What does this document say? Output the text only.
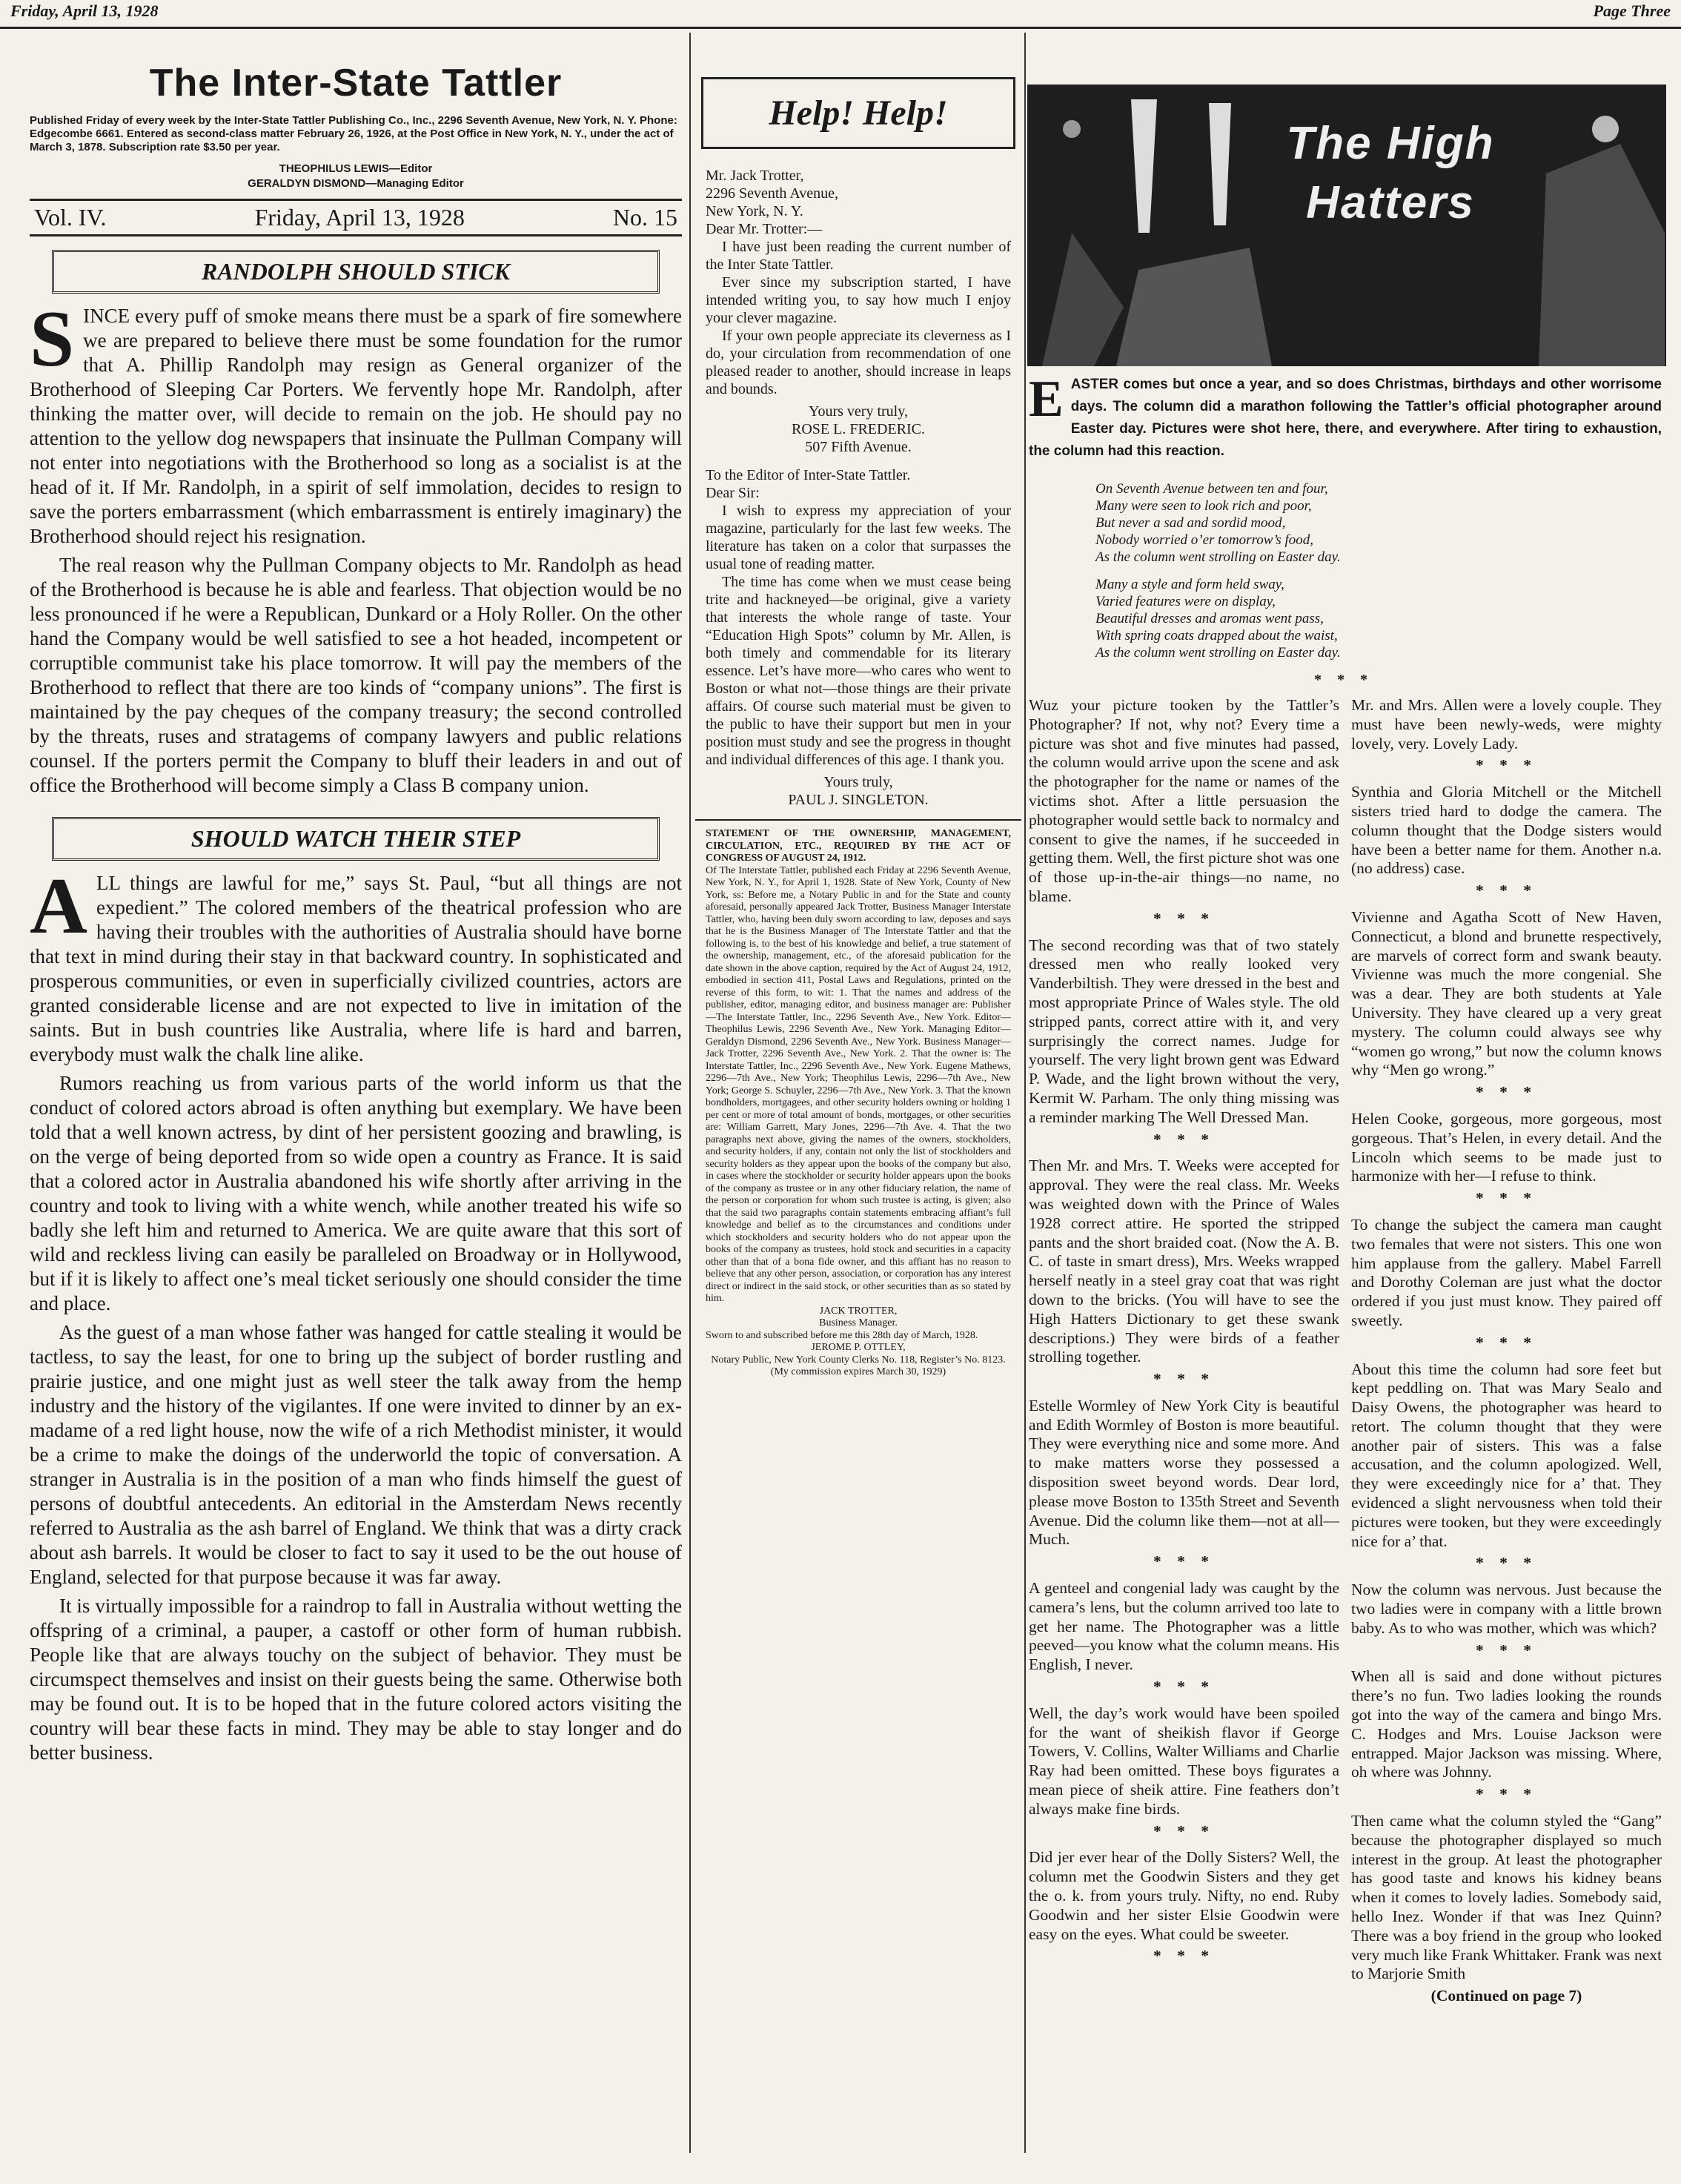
Friday, April 13, 1928	Page Three
The Inter-State Tattler
Published Friday of every week by the Inter-State Tattler Publishing Co., Inc., 2296 Seventh Avenue, New York, N. Y. Phone: Edgecombe 6661. Entered as second-class matter February 26, 1926, at the Post Office in New York, N. Y., under the act of March 3, 1878. Subscription rate $3.50 per year.
THEOPHILUS LEWIS—Editor
GERALDYN DISMOND—Managing Editor
Vol. IV.	Friday, April 13, 1928	No. 15
RANDOLPH SHOULD STICK

SINCE every puff of smoke means there must be a spark of fire somewhere we are prepared to believe there must be some foundation for the rumor that A. Phillip Randolph may resign as General organizer of the Brotherhood of Sleeping Car Porters. We fervently hope Mr. Randolph, after thinking the matter over, will decide to remain on the job. He should pay no attention to the yellow dog newspapers that insinuate the Pullman Company will not enter into negotiations with the Brotherhood so long as a socialist is at the head of it. If Mr. Randolph, in a spirit of self immolation, decides to resign to save the porters embarrassment (which embarrassment is entirely imaginary) the Brotherhood should reject his resignation.

The real reason why the Pullman Company objects to Mr. Randolph as head of the Brotherhood is because he is able and fearless. That objection would be no less pronounced if he were a Republican, Dunkard or a Holy Roller. On the other hand the Company would be well satisfied to see a hot headed, incompetent or corruptible communist take his place tomorrow. It will pay the members of the Brotherhood to reflect that there are too kinds of “company unions”. The first is maintained by the pay cheques of the company treasury; the second controlled by the threats, ruses and stratagems of company lawyers and public relations counsel. If the porters permit the Company to bluff their leaders in and out of office the Brotherhood will become simply a Class B company union.

SHOULD WATCH THEIR STEP

ALL things are lawful for me,” says St. Paul, “but all things are not expedient.” The colored members of the theatrical profession who are having their troubles with the authorities of Australia should have borne that text in mind during their stay in that backward country. In sophisticated and prosperous communities, or even in superficially civilized countries, actors are granted considerable license and are not expected to live in imitation of the saints. But in bush countries like Australia, where life is hard and barren, everybody must walk the chalk line alike.

Rumors reaching us from various parts of the world inform us that the conduct of colored actors abroad is often anything but exemplary. We have been told that a well known actress, by dint of her persistent goozing and brawling, is on the verge of being deported from so wide open a country as France. It is said that a colored actor in Australia abandoned his wife shortly after arriving in the country and took to living with a white wench, while another treated his wife so badly she left him and returned to America. We are quite aware that this sort of wild and reckless living can easily be paralleled on Broadway or in Hollywood, but if it is likely to affect one’s meal ticket seriously one should consider the time and place.

As the guest of a man whose father was hanged for cattle stealing it would be tactless, to say the least, for one to bring up the subject of border rustling and prairie justice, and one might just as well steer the talk away from the hemp industry and the history of the vigilantes. If one were invited to dinner by an ex-madame of a red light house, now the wife of a rich Methodist minister, it would be a crime to make the doings of the underworld the topic of conversation. A stranger in Australia is in the position of a man who finds himself the guest of persons of doubtful antecedents. An editorial in the Amsterdam News recently referred to Australia as the ash barrel of England. We think that was a dirty crack about ash barrels. It would be closer to fact to say it used to be the out house of England, selected for that purpose because it was far away.

It is virtually impossible for a raindrop to fall in Australia without wetting the offspring of a criminal, a pauper, a castoff or other form of human rubbish. People like that are always touchy on the subject of behavior. They must be circumspect themselves and insist on their guests being the same. Otherwise both may be found out. It is to be hoped that in the future colored actors visiting the country will bear these facts in mind. They may be able to stay longer and do better business.

Help! Help!

Mr. Jack Trotter,

2296 Seventh Avenue,

New York, N. Y.

Dear Mr. Trotter:—

I have just been reading the current number of the Inter State Tattler.

Ever since my subscription started, I have intended writing you, to say how much I enjoy your clever magazine.

If your own people appreciate its cleverness as I do, your circulation from recommendation of one pleased reader to another, should increase in leaps and bounds.

Yours very truly,
ROSE L. FREDERIC.
507 Fifth Avenue.

To the Editor of Inter-State Tattler.

Dear Sir:

I wish to express my appreciation of your magazine, particularly for the last few weeks. The literature has taken on a color that surpasses the usual tone of reading matter.

The time has come when we must cease being trite and hackneyed—be original, give a variety that interests the whole range of taste. Your “Education High Spots” column by Mr. Allen, is both timely and commendable for its literary essence. Let’s have more—who cares who went to Boston or what not—those things are their private affairs. Of course such material must be given to the public to have their support but men in your position must study and see the progress in thought and individual differences of this age. I thank you.

Yours truly,
PAUL J. SINGLETON.

STATEMENT OF THE OWNERSHIP, MANAGEMENT, CIRCULATION, ETC., REQUIRED BY THE ACT OF CONGRESS OF AUGUST 24, 1912.

Of The Interstate Tattler, published each Friday at 2296 Seventh Avenue, New York, N. Y., for April 1, 1928. State of New York, County of New York, ss: Before me, a Notary Public in and for the State and county aforesaid, personally appeared Jack Trotter, Business Manager Interstate Tattler, who, having been duly sworn according to law, deposes and says that he is the Business Manager of The Interstate Tattler and that the following is, to the best of his knowledge and belief, a true statement of the ownership, management, etc., of the aforesaid publication for the date shown in the above caption, required by the Act of August 24, 1912, embodied in section 411, Postal Laws and Regulations, printed on the reverse of this form, to wit: 1. That the names and address of the publisher, editor, managing editor, and business manager are: Publisher—The Interstate Tattler, Inc., 2296 Seventh Ave., New York. Editor—Theophilus Lewis, 2296 Seventh Ave., New York. Managing Editor—Geraldyn Dismond, 2296 Seventh Ave., New York. Business Manager—Jack Trotter, 2296 Seventh Ave., New York. 2. That the owner is: The Interstate Tattler, Inc., 2296 Seventh Ave., New York. Eugene Mathews, 2296—7th Ave., New York; Theophilus Lewis, 2296—7th Ave., New York; George S. Schuyler, 2296—7th Ave., New York. 3. That the known bondholders, mortgagees, and other security holders owning or holding 1 per cent or more of total amount of bonds, mortgages, or other securities are: William Garrett, Mary Jones, 2296—7th Ave. 4. That the two paragraphs next above, giving the names of the owners, stockholders, and security holders, if any, contain not only the list of stockholders and security holders as they appear upon the books of the company but also, in cases where the stockholder or security holder appears upon the books of the company as trustee or in any other fiduciary relation, the name of the person or corporation for whom such trustee is acting, is given; also that the said two paragraphs contain statements embracing affiant’s full knowledge and belief as to the circumstances and conditions under which stockholders and security holders who do not appear upon the books of the company as trustees, hold stock and securities in a capacity other than that of a bona fide owner, and this affiant has no reason to believe that any other person, association, or corporation has any interest direct or indirect in the said stock, or other securities than as so stated by him.

JACK TROTTER,

Business Manager.

Sworn to and subscribed before me this 28th day of March, 1928.

JEROME P. OTTLEY,

Notary Public, New York County Clerks No. 118, Register’s No. 8123.

(My commission expires March 30, 1929)

The High Hatters
EASTER comes but once a year, and so does Christmas, birthdays and other worrisome days. The column did a marathon following the Tattler’s official photographer around Easter day. Pictures were shot here, there, and everywhere. After tiring to exhaustion, the column had this reaction.

On Seventh Avenue between ten and four,
Many were seen to look rich and poor,
But never a sad and sordid mood,
Nobody worried o’er tomorrow’s food,
As the column went strolling on Easter day.

Many a style and form held sway,
Varied features were on display,
Beautiful dresses and aromas went pass,
With spring coats drapped about the waist,
As the column went strolling on Easter day.

* * *

Wuz your picture tooken by the Tattler’s Photographer? If not, why not? Every time a picture was shot and five minutes had passed, the column would arrive upon the scene and ask the photographer for the name or names of the victims shot. After a little persuasion the photographer would settle back to normalcy and consent to give the names, if he succeeded in getting them. Well, the first picture shot was one of those up-in-the-air things—no name, no blame.

* * *

The second recording was that of two stately dressed men who really looked very Vanderbiltish. They were dressed in the best and most appropriate Prince of Wales style. The old stripped pants, correct attire with it, and very surprisingly the correct names. Judge for yourself. The very light brown gent was Edward P. Wade, and the light brown without the very, Kermit W. Parham. The only thing missing was a reminder marking The Well Dressed Man.

* * *

Then Mr. and Mrs. T. Weeks were accepted for approval. They were the real class. Mr. Weeks was weighted down with the Prince of Wales 1928 correct attire. He sported the stripped pants and the short braided coat. (Now the A. B. C. of taste in smart dress), Mrs. Weeks wrapped herself neatly in a steel gray coat that was right down to the bricks. (You will have to see the High Hatters Dictionary to get these swank descriptions.) They were birds of a feather strolling together.

* * *

Estelle Wormley of New York City is beautiful and Edith Wormley of Boston is more beautiful. They were everything nice and some more. And to make matters worse they possessed a disposition sweet beyond words. Dear lord, please move Boston to 135th Street and Seventh Avenue. Did the column like them—not at all—Much.

* * *

A genteel and congenial lady was caught by the camera’s lens, but the column arrived too late to get her name. The Photographer was a little peeved—you know what the column means. His English, I never.

* * *

Well, the day’s work would have been spoiled for the want of sheikish flavor if George Towers, V. Collins, Walter Williams and Charlie Ray had been omitted. These boys figurates a mean piece of sheik attire. Fine feathers don’t always make fine birds.

* * *

Did jer ever hear of the Dolly Sisters? Well, the column met the Goodwin Sisters and they get the o. k. from yours truly. Nifty, no end. Ruby Goodwin and her sister Elsie Goodwin were easy on the eyes. What could be sweeter.

* * *

Mr. and Mrs. Allen were a lovely couple. They must have been newly-weds, were mighty lovely, very. Lovely Lady.

* * *

Synthia and Gloria Mitchell or the Mitchell sisters tried hard to dodge the camera. The column thought that the Dodge sisters would have been a better name for them. Another n.a. (no address) case.

* * *

Vivienne and Agatha Scott of New Haven, Connecticut, a blond and brunette respectively, are marvels of correct form and swank beauty. Vivienne was much the more congenial. She was a dear. They are both students at Yale University. They have cleared up a very great mystery. The column could always see why “women go wrong,” but now the column knows why “Men go wrong.”

* * *

Helen Cooke, gorgeous, more gorgeous, most gorgeous. That’s Helen, in every detail. And the Lincoln which seems to be made just to harmonize with her—I refuse to think.

* * *

To change the subject the camera man caught two females that were not sisters. This one won him applause from the gallery. Mabel Farrell and Dorothy Coleman are just what the doctor ordered if you just must know. They paired off sweetly.

* * *

About this time the column had sore feet but kept peddling on. That was Mary Sealo and Daisy Owens, the photographer was heard to retort. The column thought that they were another pair of sisters. This was a false accusation, and the column apologized. Well, they were exceedingly nice for a’ that. They evidenced a slight nervousness when told their pictures were tooken, but they were exceedingly nice for a’ that.

* * *

Now the column was nervous. Just because the two ladies were in company with a little brown baby. As to who was mother, which was which?

* * *

When all is said and done without pictures there’s no fun. Two ladies looking the rounds got into the way of the camera and bingo Mrs. C. Hodges and Mrs. Louise Jackson were entrapped. Major Jackson was missing. Where, oh where was Johnny.

* * *

Then came what the column styled the “Gang” because the photographer displayed so much interest in the group. At least the photographer has good taste and knows his kidney beans when it comes to lovely ladies. Somebody said, hello Inez. Wonder if that was Inez Quinn? There was a boy friend in the group who looked very much like Frank Whittaker. Frank was next to Marjorie Smith

(Continued on page 7)
